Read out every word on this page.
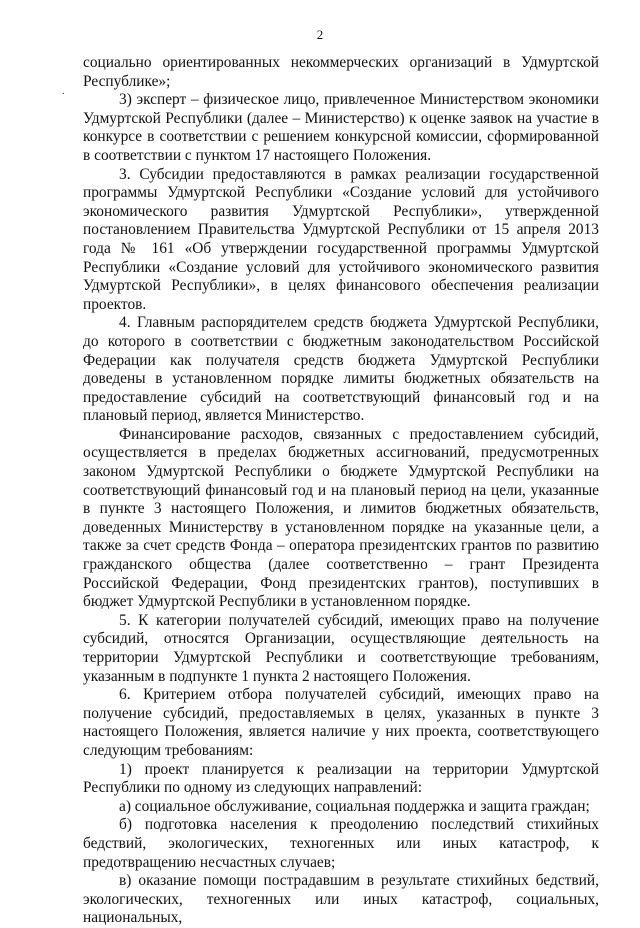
2
.

социально ориентированных некоммерческих организаций в Удмуртской Республике»;

3) эксперт – физическое лицо, привлеченное Министерством экономики Удмуртской Республики (далее – Министерство) к оценке заявок на участие в конкурсе в соответствии с решением конкурсной комиссии, сформированной в соответствии с пунктом 17 настоящего Положения.

3. Субсидии предоставляются в рамках реализации государственной программы Удмуртской Республики «Создание условий для устойчивого экономического развития Удмуртской Республики», утвержденной постановлением Правительства Удмуртской Республики от 15 апреля 2013 года № 161 «Об утверждении государственной программы Удмуртской Республики «Создание условий для устойчивого экономического развития Удмуртской Республики», в целях финансового обеспечения реализации проектов.

4. Главным распорядителем средств бюджета Удмуртской Республики, до которого в соответствии с бюджетным законодательством Российской Федерации как получателя средств бюджета Удмуртской Республики доведены в установленном порядке лимиты бюджетных обязательств на предоставление субсидий на соответствующий финансовый год и на плановый период, является Министерство.

Финансирование расходов, связанных с предоставлением субсидий, осуществляется в пределах бюджетных ассигнований, предусмотренных законом Удмуртской Республики о бюджете Удмуртской Республики на соответствующий финансовый год и на плановый период на цели, указанные в пункте 3 настоящего Положения, и лимитов бюджетных обязательств, доведенных Министерству в установленном порядке на указанные цели, а также за счет средств Фонда – оператора президентских грантов по развитию гражданского общества (далее соответственно – грант Президента Российской Федерации, Фонд президентских грантов), поступивших в бюджет Удмуртской Республики в установленном порядке.

5. К категории получателей субсидий, имеющих право на получение субсидий, относятся Организации, осуществляющие деятельность на территории Удмуртской Республики и соответствующие требованиям, указанным в подпункте 1 пункта 2 настоящего Положения.

6. Критерием отбора получателей субсидий, имеющих право на получение субсидий, предоставляемых в целях, указанных в пункте 3 настоящего Положения, является наличие у них проекта, соответствующего следующим требованиям:

1) проект планируется к реализации на территории Удмуртской Республики по одному из следующих направлений:

а) социальное обслуживание, социальная поддержка и защита граждан;

б) подготовка населения к преодолению последствий стихийных бедствий, экологических, техногенных или иных катастроф, к предотвращению несчастных случаев;

в) оказание помощи пострадавшим в результате стихийных бедствий, экологических, техногенных или иных катастроф, социальных, национальных,
